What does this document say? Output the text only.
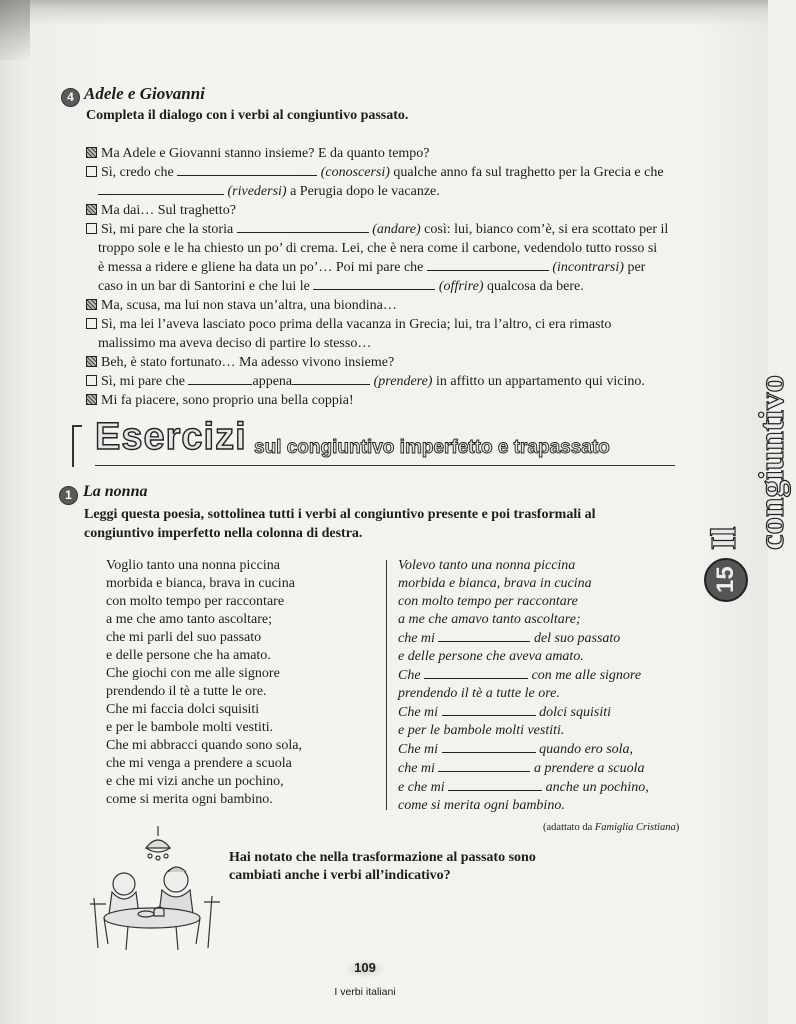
4 Adele e Giovanni
Completa il dialogo con i verbi al congiuntivo passato.
Ma Adele e Giovanni stanno insieme? E da quanto tempo?
Sì, credo che	(conoscersi) qualche anno fa sul traghetto per la Grecia e che
(rivedersi) a Perugia dopo le vacanze.
Ma dai… Sul traghetto?
Sì, mi pare che la storia	(andare) così: lui, bianco com’è, si era scottato per il
troppo sole e le ha chiesto un po’ di crema. Lei, che è nera come il carbone, vedendolo tutto rosso si
è messa a ridere e gliene ha data un po’… Poi mi pare che	(incontrarsi) per
caso in un bar di Santorini e che lui le	(offrire) qualcosa da bere.
Ma, scusa, ma lui non stava un’altra, una biondina…
Sì, ma lei l’aveva lasciato poco prima della vacanza in Grecia; lui, tra l’altro, ci era rimasto
malissimo ma aveva deciso di partire lo stesso…
Beh, è stato fortunato… Ma adesso vivono insieme?
Sì, mi pare che	appena	(prendere) in affitto un appartamento qui vicino.
Mi fa piacere, sono proprio una bella coppia!
Esercizi sul congiuntivo imperfetto e trapassato
Il congiuntivo
15
1 La nonna
Leggi questa poesia, sottolinea tutti i verbi al congiuntivo presente e poi trasformali al
congiuntivo imperfetto nella colonna di destra.
Voglio tanto una nonna piccina
morbida e bianca, brava in cucina
con molto tempo per raccontare
a me che amo tanto ascoltare;
che mi parli del suo passato
e delle persone che ha amato.
Che giochi con me alle signore
prendendo il tè a tutte le ore.
Che mi faccia dolci squisiti
e per le bambole molti vestiti.
Che mi abbracci quando sono sola,
che mi venga a prendere a scuola
e che mi vizi anche un pochino,
come si merita ogni bambino.
Volevo tanto una nonna piccina
morbida e bianca, brava in cucina
con molto tempo per raccontare
a me che amavo tanto ascoltare;
che mi	del suo passato
e delle persone che aveva amato.
Che	con me alle signore
prendendo il tè a tutte le ore.
Che mi	dolci squisiti
e per le bambole molti vestiti.
Che mi	quando ero sola,
che mi	a prendere a scuola
e che mi	anche un pochino,
come si merita ogni bambino.
(adattato da Famiglia Cristiana)
Hai notato che nella trasformazione al passato sono
cambiati anche i verbi all’indicativo?
109
I verbi italiani
